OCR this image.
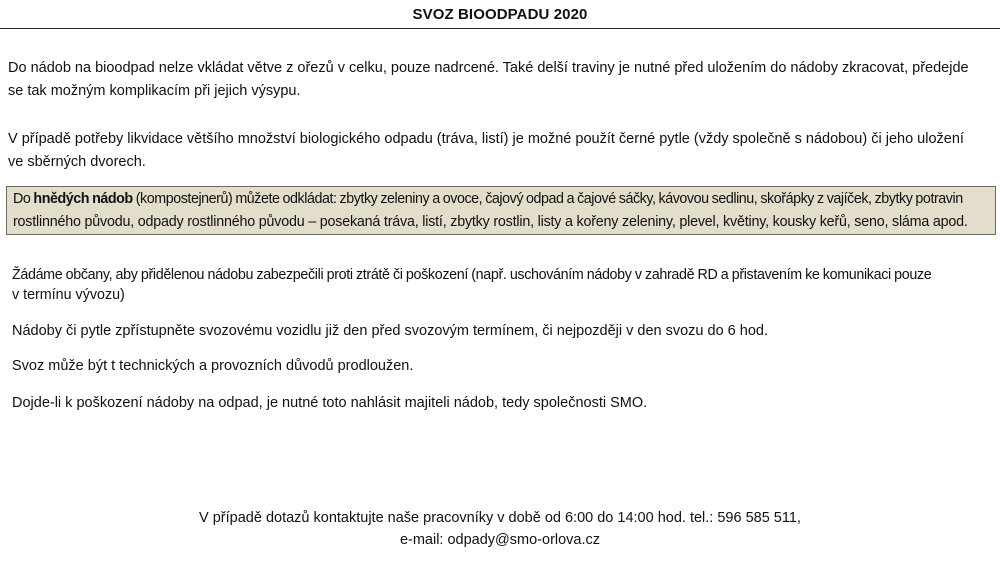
SVOZ BIOODPADU 2020

Do nádob na bioodpad nelze vkládat větve z ořezů v celku, pouze nadrcené. Také delší traviny je nutné před uložením do nádoby zkracovat, předejde
se tak možným komplikacím při jejich výsypu.

V případě potřeby likvidace většího množství biologického odpadu (tráva, listí) je možné použít černé pytle (vždy společně s nádobou) či jeho uložení
ve sběrných dvorech.

Do hnědých nádob (kompostejnerů) můžete odkládat: zbytky zeleniny a ovoce, čajový odpad a čajové sáčky, kávovou sedlinu, skořápky z vajíček, zbytky potravin
rostlinného původu, odpady rostlinného původu – posekaná tráva, listí, zbytky rostlin, listy a kořeny zeleniny, plevel, květiny, kousky keřů, seno, sláma apod.

Žádáme občany, aby přidělenou nádobu zabezpečili proti ztrátě či poškození (např. uschováním nádoby v zahradě RD a přistavením ke komunikaci pouze
v termínu vývozu)

Nádoby či pytle zpřístupněte svozovému vozidlu již den před svozovým termínem, či nejpozději v den svozu do 6 hod.

Svoz může být t technických a provozních důvodů prodloužen.

Dojde-li k poškození nádoby na odpad, je nutné toto nahlásit majiteli nádob, tedy společnosti SMO.

V případě dotazů kontaktujte naše pracovníky v době od 6:00 do 14:00 hod. tel.: 596 585 511,
e-mail: odpady@smo-orlova.cz
